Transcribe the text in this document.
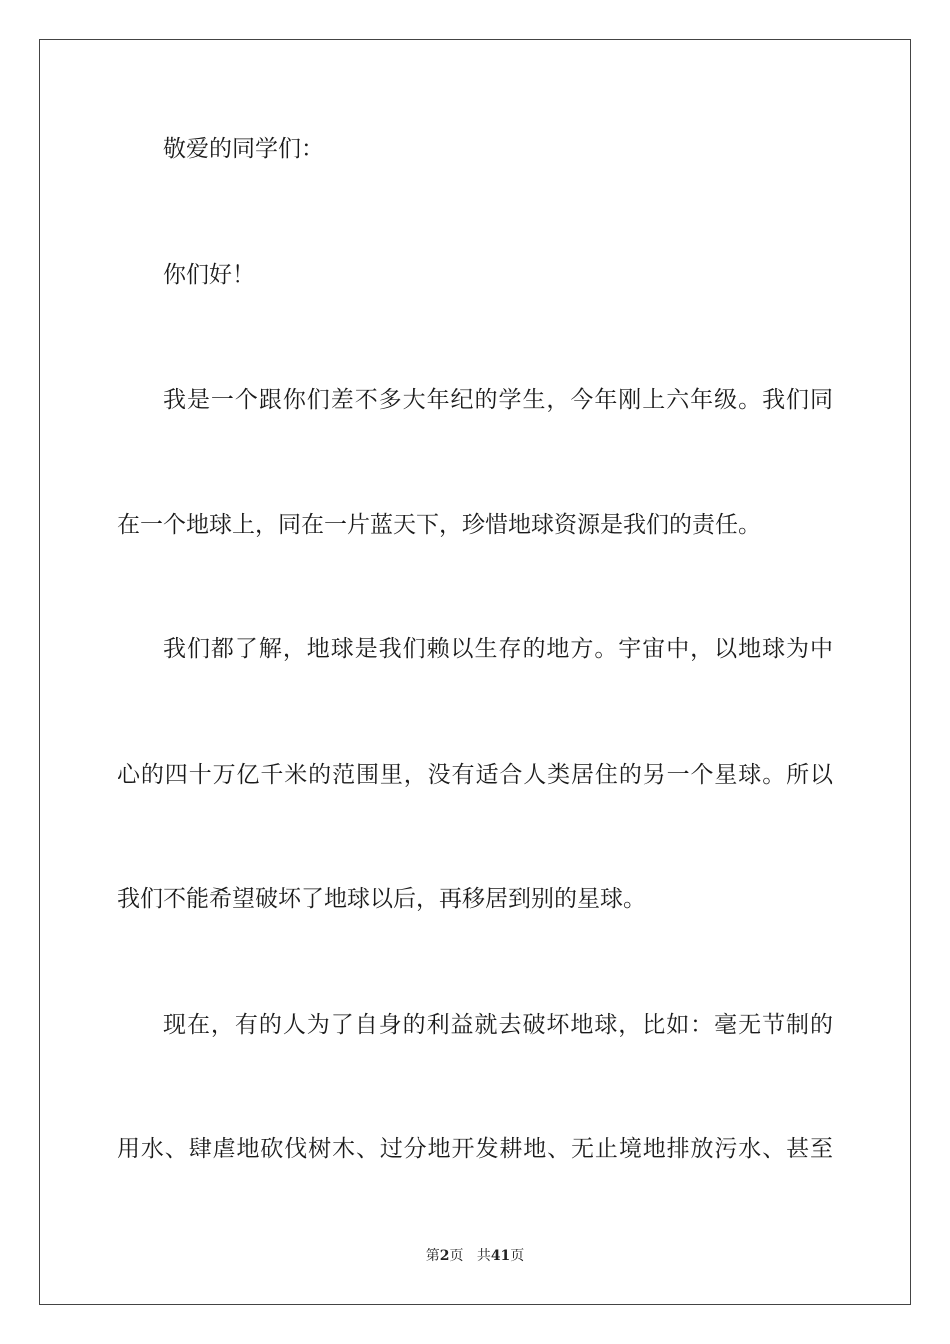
敬爱的同学们：
你们好！
我是一个跟你们差不多大年纪的学生，今年刚上六年级。我们同
在一个地球上，同在一片蓝天下，珍惜地球资源是我们的责任。
我们都了解，地球是我们赖以生存的地方。宇宙中，以地球为中
心的四十万亿千米的范围里，没有适合人类居住的另一个星球。所以
我们不能希望破坏了地球以后，再移居到别的星球。
现在，有的人为了自身的利益就去破坏地球，比如：毫无节制的
用水、肆虐地砍伐树木、过分地开发耕地、无止境地排放污水、甚至
第2页 共41页
